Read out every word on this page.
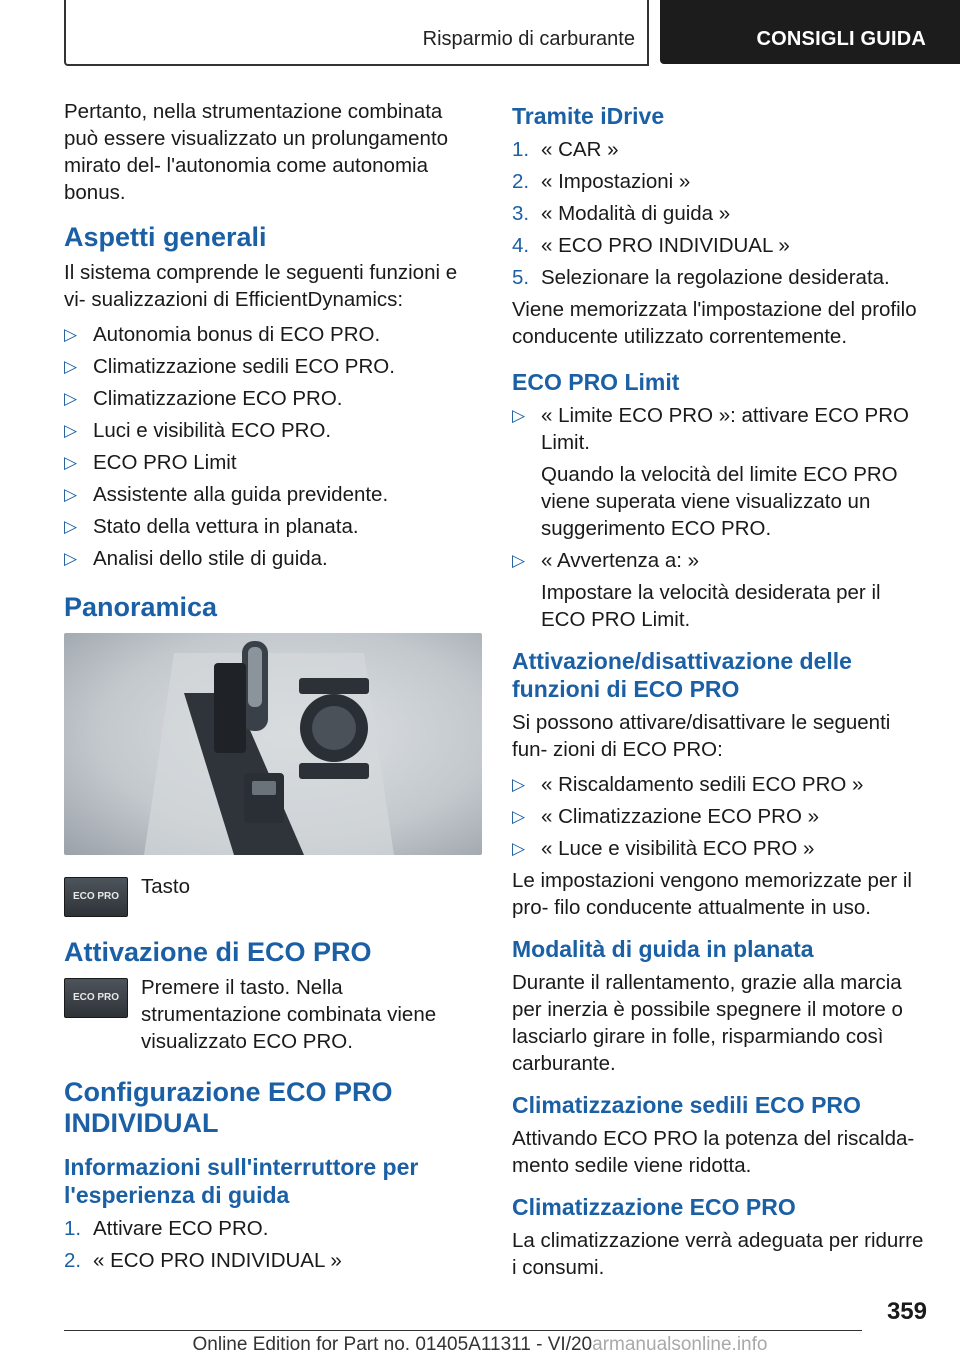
Risparmio di carburante	CONSIGLI GUIDA

Pertanto, nella strumentazione combinata può essere visualizzato un prolungamento mirato del- l'autonomia come autonomia bonus.

Aspetti generali

Il sistema comprende le seguenti funzioni e vi- sualizzazioni di EfficientDynamics:

▷ Autonomia bonus di ECO PRO.
▷ Climatizzazione sedili ECO PRO.
▷ Climatizzazione ECO PRO.
▷ Luci e visibilità ECO PRO.
▷ ECO PRO Limit
▷ Assistente alla guida previdente.
▷ Stato della vettura in planata.
▷ Analisi dello stile di guida.
Panoramica
ECO PRO	Tasto

Attivazione di ECO PRO
ECO PRO	Premere il tasto. Nella strumentazione combinata viene visualizzato ECO PRO.

Configurazione ECO PRO INDIVIDUAL
Informazioni sull'interruttore per l'esperienza di guida
1. Attivare ECO PRO.
2. « ECO PRO INDIVIDUAL »
Tramite iDrive
1. « CAR »
2. « Impostazioni »
3. « Modalità di guida »
4. « ECO PRO INDIVIDUAL »
5. Selezionare la regolazione desiderata.

Viene memorizzata l'impostazione del profilo conducente utilizzato correntemente.

ECO PRO Limit
▷ « Limite ECO PRO »: attivare ECO PRO Limit.
Quando la velocità del limite ECO PRO viene superata viene visualizzato un suggerimento ECO PRO.
▷ « Avvertenza a: »
Impostare la velocità desiderata per il ECO PRO Limit.
Attivazione/disattivazione delle funzioni di ECO PRO

Si possono attivare/disattivare le seguenti fun- zioni di ECO PRO:

▷ « Riscaldamento sedili ECO PRO »
▷ « Climatizzazione ECO PRO »
▷ « Luce e visibilità ECO PRO »

Le impostazioni vengono memorizzate per il pro- filo conducente attualmente in uso.

Modalità di guida in planata

Durante il rallentamento, grazie alla marcia per inerzia è possibile spegnere il motore o lasciarlo girare in folle, risparmiando così carburante.

Climatizzazione sedili ECO PRO

Attivando ECO PRO la potenza del riscalda- mento sedile viene ridotta.

Climatizzazione ECO PRO

La climatizzazione verrà adeguata per ridurre i consumi.

359
Online Edition for Part no. 01405A11311 - VI/20armanualsonline.info
